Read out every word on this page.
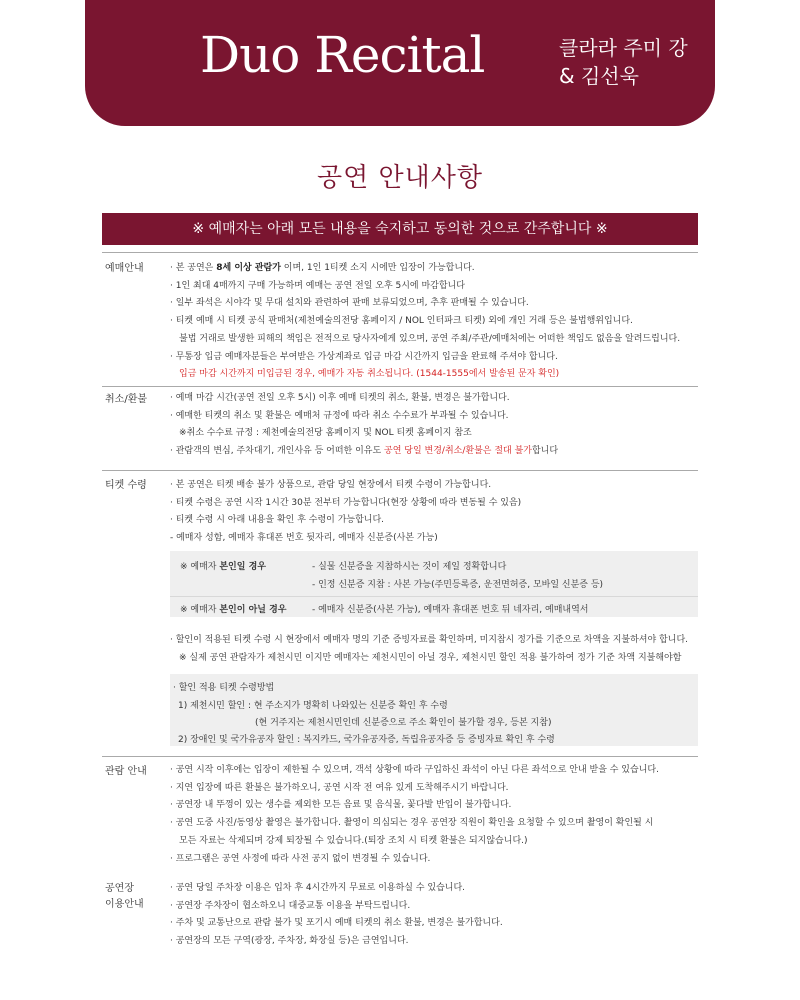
Duo Recital	클라라 주미 강
& 김선욱
공연 안내사항
※ 예매자는 아래 모든 내용을 숙지하고 동의한 것으로 간주합니다 ※
예매안내	· 본 공연은 8세 이상 관람가 이며, 1인 1티켓 소지 시에만 입장이 가능합니다.
· 1인 최대 4매까지 구매 가능하며 예매는 공연 전일 오후 5시에 마감합니다
· 일부 좌석은 시야각 및 무대 설치와 관련하여 판매 보류되었으며, 추후 판매될 수 있습니다.
· 티켓 예매 시 티켓 공식 판매처(제천예술의전당 홈페이지 / NOL 인터파크 티켓) 외에 개인 거래 등은 불법행위입니다.
불법 거래로 발생한 피해의 책임은 전적으로 당사자에게 있으며, 공연 주최/주관/예매처에는 어떠한 책임도 없음을 알려드립니다.
· 무통장 입금 예매자분들은 부여받은 가상계좌로 입금 마감 시간까지 입금을 완료해 주셔야 합니다.
입금 마감 시간까지 미입금된 경우, 예매가 자동 취소됩니다. (1544-1555에서 발송된 문자 확인)
취소/환불	· 예매 마감 시간(공연 전일 오후 5시) 이후 예매 티켓의 취소, 환불, 변경은 불가합니다.
· 예매한 티켓의 취소 및 환불은 예매처 규정에 따라 취소 수수료가 부과될 수 있습니다.
※취소 수수료 규정 : 제천예술의전당 홈페이지 및 NOL 티켓 홈페이지 참조
· 관람객의 변심, 주차대기, 개인사유 등 어떠한 이유도 공연 당일 변경/취소/환불은 절대 불가합니다
티켓 수령	· 본 공연은 티켓 배송 불가 상품으로, 관람 당일 현장에서 티켓 수령이 가능합니다.
· 티켓 수령은 공연 시작 1시간 30분 전부터 가능합니다(현장 상황에 따라 변동될 수 있음)
· 티켓 수령 시 아래 내용을 확인 후 수령이 가능합니다.
- 예매자 성함, 예매자 휴대폰 번호 뒷자리, 예매자 신분증(사본 가능)
※ 예매자 본인일 경우	- 실물 신분증을 지참하시는 것이 제일 정확합니다
- 인정 신분증 지참 : 사본 가능(주민등록증, 운전면허증, 모바일 신분증 등)
※ 예매자 본인이 아닐 경우	- 예매자 신분증(사본 가능), 예매자 휴대폰 번호 뒤 네자리, 예매내역서
· 할인이 적용된 티켓 수령 시 현장에서 예매자 명의 기준 증빙자료를 확인하며, 미지참시 정가를 기준으로 차액을 지불하셔야 합니다.
※ 실제 공연 관람자가 제천시민 이지만 예매자는 제천시민이 아닐 경우, 제천시민 할인 적용 불가하여 정가 기준 차액 지불해야함
· 할인 적용 티켓 수령방법
1) 제천시민 할인 : 현 주소지가 명확히 나와있는 신분증 확인 후 수령
(현 거주지는 제천시민인데 신분증으로 주소 확인이 불가할 경우, 등본 지참)
2) 장애인 및 국가유공자 할인 : 복지카드, 국가유공자증, 독립유공자증 등 증빙자료 확인 후 수령
관람 안내	· 공연 시작 이후에는 입장이 제한될 수 있으며, 객석 상황에 따라 구입하신 좌석이 아닌 다른 좌석으로 안내 받을 수 있습니다.
· 지연 입장에 따른 환불은 불가하오니, 공연 시작 전 여유 있게 도착해주시기 바랍니다.
· 공연장 내 뚜껑이 있는 생수를 제외한 모든 음료 및 음식물, 꽃다발 반입이 불가합니다.
· 공연 도중 사진/동영상 촬영은 불가합니다. 촬영이 의심되는 경우 공연장 직원이 확인을 요청할 수 있으며 촬영이 확인될 시
모든 자료는 삭제되며 강제 퇴장될 수 있습니다.(퇴장 조치 시 티켓 환불은 되지않습니다.)
· 프로그램은 공연 사정에 따라 사전 공지 없이 변경될 수 있습니다.
공연장
이용안내
· 공연 당일 주차장 이용은 입차 후 4시간까지 무료로 이용하실 수 있습니다.
· 공연장 주차장이 협소하오니 대중교통 이용을 부탁드립니다.
· 주차 및 교통난으로 관람 불가 및 포기시 예매 티켓의 취소 환불, 변경은 불가합니다.
· 공연장의 모든 구역(광장, 주차장, 화장실 등)은 금연입니다.
